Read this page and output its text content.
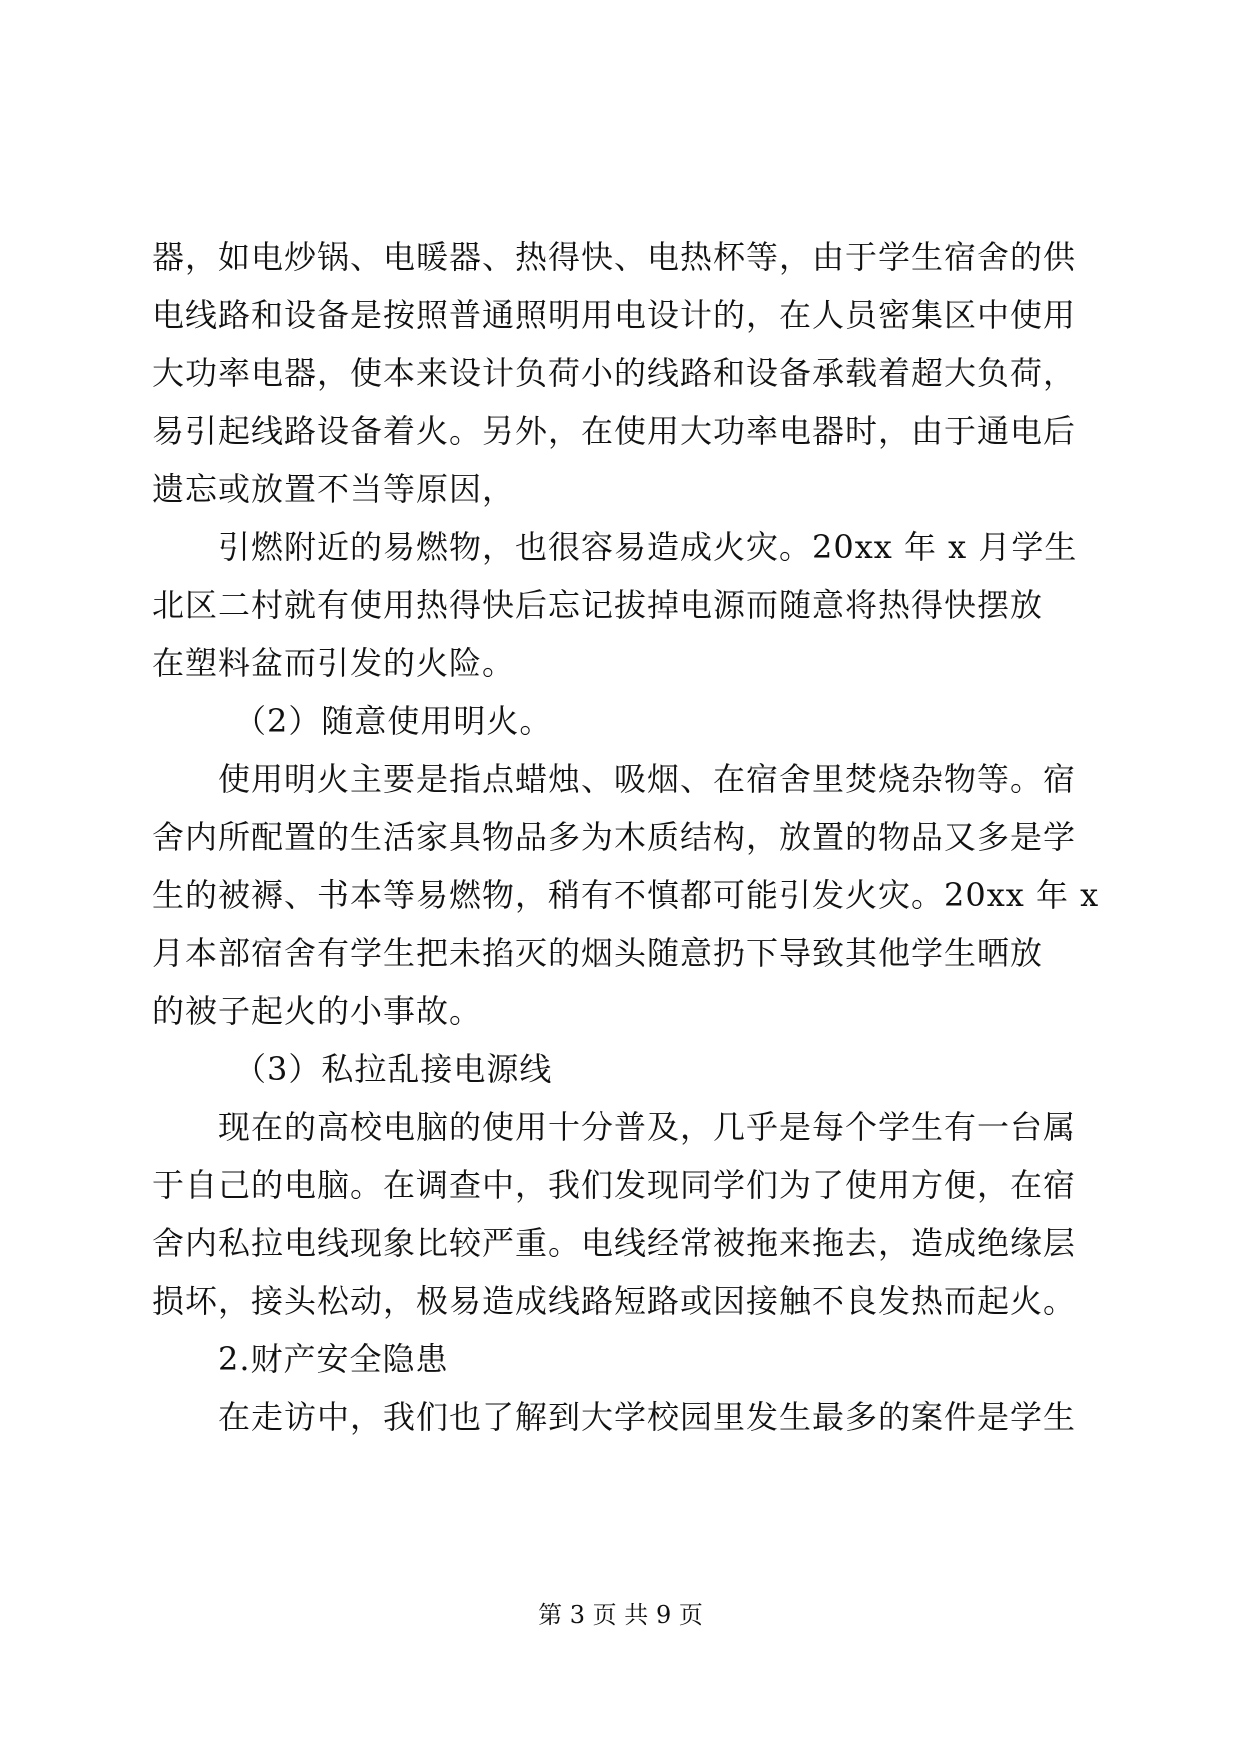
器，如电炒锅、电暖器、热得快、电热杯等，由于学生宿舍的供
电线路和设备是按照普通照明用电设计的，在人员密集区中使用
大功率电器，使本来设计负荷小的线路和设备承载着超大负荷，
易引起线路设备着火。另外，在使用大功率电器时，由于通电后
遗忘或放置不当等原因，
引燃附近的易燃物，也很容易造成火灾。20xx 年 x 月学生
北区二村就有使用热得快后忘记拔掉电源而随意将热得快摆放
在塑料盆而引发的火险。
（2）随意使用明火。
使用明火主要是指点蜡烛、吸烟、在宿舍里焚烧杂物等。宿
舍内所配置的生活家具物品多为木质结构，放置的物品又多是学
生的被褥、书本等易燃物，稍有不慎都可能引发火灾。20xx 年 x
月本部宿舍有学生把未掐灭的烟头随意扔下导致其他学生晒放
的被子起火的小事故。
（3）私拉乱接电源线
现在的高校电脑的使用十分普及，几乎是每个学生有一台属
于自己的电脑。在调查中，我们发现同学们为了使用方便，在宿
舍内私拉电线现象比较严重。电线经常被拖来拖去，造成绝缘层
损坏，接头松动，极易造成线路短路或因接触不良发热而起火。
2.财产安全隐患
在走访中，我们也了解到大学校园里发生最多的案件是学生
第 3 页 共 9 页
